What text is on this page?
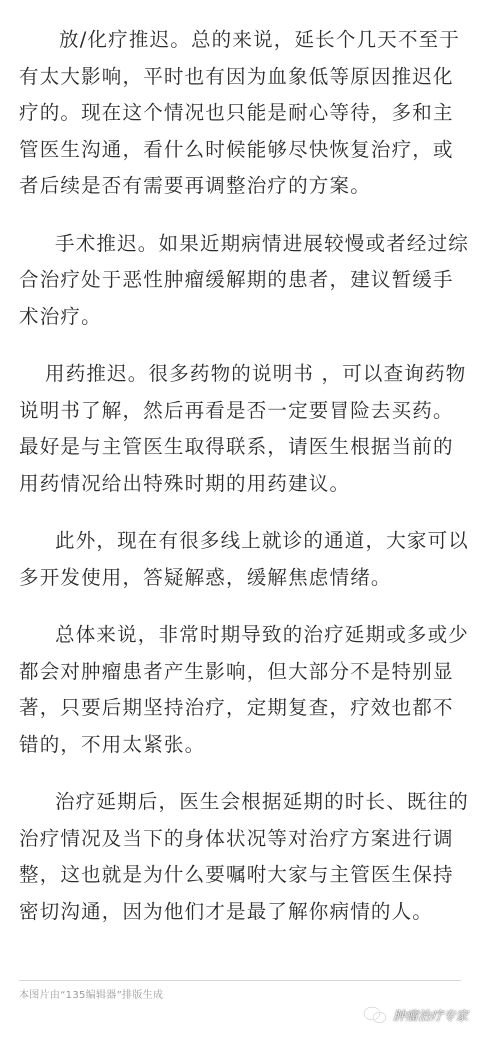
放/化疗推迟。总的来说，延长个几天不至于有太大影响，平时也有因为血象低等原因推迟化疗的。现在这个情况也只能是耐心等待，多和主管医生沟通，看什么时候能够尽快恢复治疗，或者后续是否有需要再调整治疗的方案。

手术推迟。如果近期病情进展较慢或者经过综合治疗处于恶性肿瘤缓解期的患者，建议暂缓手术治疗。

用药推迟。很多药物的说明书 ，可以查询药物说明书了解，然后再看是否一定要冒险去买药。最好是与主管医生取得联系，请医生根据当前的用药情况给出特殊时期的用药建议。

此外，现在有很多线上就诊的通道，大家可以多开发使用，答疑解惑，缓解焦虑情绪。

总体来说，非常时期导致的治疗延期或多或少都会对肿瘤患者产生影响，但大部分不是特别显著，只要后期坚持治疗，定期复查，疗效也都不错的，不用太紧张。

治疗延期后，医生会根据延期的时长、既往的治疗情况及当下的身体状况等对治疗方案进行调整，这也就是为什么要嘱咐大家与主管医生保持密切沟通，因为他们才是最了解你病情的人。

本图片由“135编辑器”排版生成
肿瘤治疗专家
